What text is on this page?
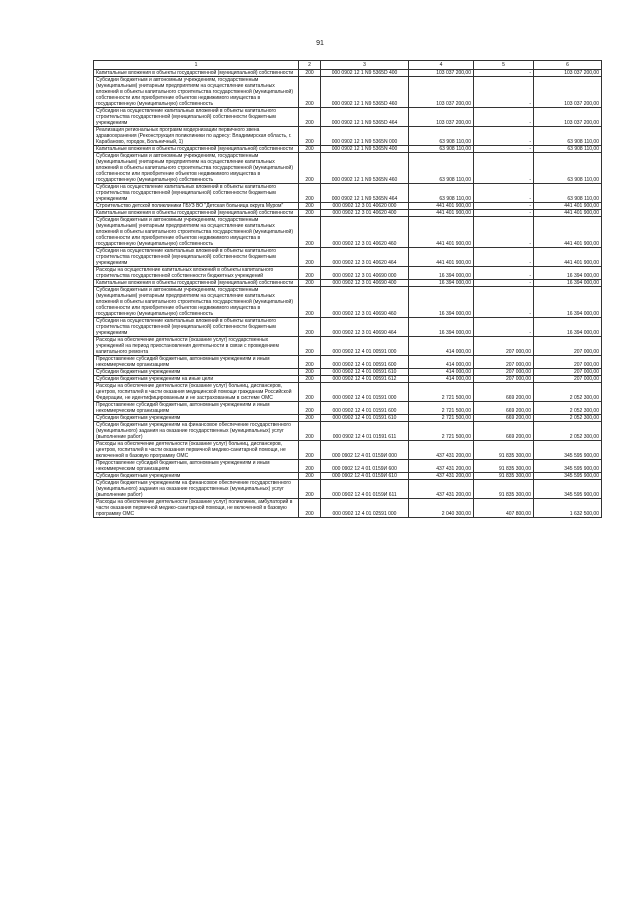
91
1	2	3	4	5	6
Капитальные вложения в объекты государственной (муниципальной) собственности	200	000 0902 12 1 N9 5365D 400	103 037 200,00	-	103 037 200,00
Субсидии бюджетным и автономным учреждениям, государственным (муниципальным) унитарным предприятиям на осуществление капитальных вложений в объекты капитального строительства государственной (муниципальной) собственности или приобретение объектов недвижимого имущества в государственную (муниципальную) собственность	200	000 0902 12 1 N9 5365D 460	103 037 200,00	-	103 037 200,00
Субсидии на осуществление капитальных вложений в объекты капитального строительства государственной (муниципальной) собственности бюджетным учреждениям	200	000 0902 12 1 N9 5365D 464	103 037 200,00	-	103 037 200,00
Реализация региональных программ модернизации первичного звена здравоохранения (Реконструкция поликлиники по адресу: Владимирская область, г. Карабаново, городок, Больничный, 1)	200	000 0902 12 1 N9 5365N 000	63 908 110,00	-	63 908 110,00
Капитальные вложения в объекты государственной (муниципальной) собственности	200	000 0902 12 1 N9 5365N 400	63 908 110,00	-	63 908 110,00
Субсидии бюджетным и автономным учреждениям, государственным (муниципальным) унитарным предприятиям на осуществление капитальных вложений в объекты капитального строительства государственной (муниципальной) собственности или приобретение объектов недвижимого имущества в государственную (муниципальную) собственность	200	000 0902 12 1 N9 5365N 460	63 908 110,00	-	63 908 110,00
Субсидии на осуществление капитальных вложений в объекты капитального строительства государственной (муниципальной) собственности бюджетным учреждениям	200	000 0902 12 1 N9 5365N 464	63 908 110,00	-	63 908 110,00
Строительство детской поликлиники ГБУЗ ВО "Детская больница округа Муром"	200	000 0902 12 3 01 40620 000	441 401 900,00	-	441 401 900,00
Капитальные вложения в объекты государственной (муниципальной) собственности	200	000 0902 12 3 01 40620 400	441 401 900,00	-	441 401 900,00
Субсидии бюджетным и автономным учреждениям, государственным (муниципальным) унитарным предприятиям на осуществление капитальных вложений в объекты капитального строительства государственной (муниципальной) собственности или приобретение объектов недвижимого имущества в государственную (муниципальную) собственность	200	000 0902 12 3 01 40620 460	441 401 900,00	-	441 401 900,00
Субсидии на осуществление капитальных вложений в объекты капитального строительства государственной (муниципальной) собственности бюджетным учреждениям	200	000 0902 12 3 01 40620 464	441 401 900,00	-	441 401 900,00
Расходы на осуществление капитальных вложений в объекты капитального строительства государственной собственности бюджетных учреждений	200	000 0902 12 3 01 40690 000	16 394 000,00	-	16 394 000,00
Капитальные вложения в объекты государственной (муниципальной) собственности	200	000 0902 12 3 01 40690 400	16 394 000,00	-	16 394 000,00
Субсидии бюджетным и автономным учреждениям, государственным (муниципальным) унитарным предприятиям на осуществление капитальных вложений в объекты капитального строительства государственной (муниципальной) собственности или приобретение объектов недвижимого имущества в государственную (муниципальную) собственность	200	000 0902 12 3 01 40690 460	16 394 000,00	-	16 394 000,00
Субсидии на осуществление капитальных вложений в объекты капитального строительства государственной (муниципальной) собственности бюджетным учреждениям	200	000 0902 12 3 01 40690 464	16 394 000,00	-	16 394 000,00
Расходы на обеспечение деятельности (оказание услуг) государственных учреждений на период приостановления деятельности в связи с проведением капитального ремонта	200	000 0902 12 4 01 00591 000	414 000,00	207 000,00	207 000,00
Предоставление субсидий бюджетным, автономным учреждениям и иным некоммерческим организациям	200	000 0902 12 4 01 00591 600	414 000,00	207 000,00	207 000,00
Субсидии бюджетным учреждениям	200	000 0902 12 4 01 00591 610	414 000,00	207 000,00	207 000,00
Субсидии бюджетным учреждениям на иные цели	200	000 0902 12 4 01 00591 612	414 000,00	207 000,00	207 000,00
Расходы на обеспечение деятельности (оказание услуг) больниц, диспансеров, центров, госпиталей в части оказания медицинской помощи гражданам Российской Федерации, не идентифицированным и не застрахованным в системе ОМС	200	000 0902 12 4 01 01591 000	2 721 500,00	669 200,00	2 052 300,00
Предоставление субсидий бюджетным, автономным учреждениям и иным некоммерческим организациям	200	000 0902 12 4 01 01591 600	2 721 500,00	669 200,00	2 052 300,00
Субсидии бюджетным учреждениям	200	000 0902 12 4 01 01591 610	2 721 500,00	669 200,00	2 052 300,00
Субсидии бюджетным учреждениям на финансовое обеспечение государственного (муниципального) задания на оказание государственных (муниципальных) услуг (выполнение работ)	200	000 0902 12 4 01 01591 611	2 721 500,00	669 200,00	2 052 300,00
Расходы на обеспечение деятельности (оказание услуг) больниц, диспансеров, центров, госпиталей в части оказания первичной медико-санитарной помощи, не включенной в базовую программу ОМС	200	000 0902 12 4 01 0159И 000	437 431 200,00	91 835 300,00	345 595 900,00
Предоставление субсидий бюджетным, автономным учреждениям и иным некоммерческим организациям	200	000 0902 12 4 01 0159И 600	437 431 200,00	91 835 300,00	345 595 900,00
Субсидии бюджетным учреждениям	200	000 0902 12 4 01 0159И 610	437 431 200,00	91 835 300,00	345 595 900,00
Субсидии бюджетным учреждениям на финансовое обеспечение государственного (муниципального) задания на оказание государственных (муниципальных) услуг (выполнение работ)	200	000 0902 12 4 01 0159И 611	437 431 200,00	91 835 300,00	345 595 900,00
Расходы на обеспечение деятельности (оказание услуг) поликлиник, амбулаторий в части оказания первичной медико-санитарной помощи, не включенной в базовую программу ОМС	200	000 0902 12 4 01 02591 000	2 040 300,00	407 800,00	1 632 500,00
